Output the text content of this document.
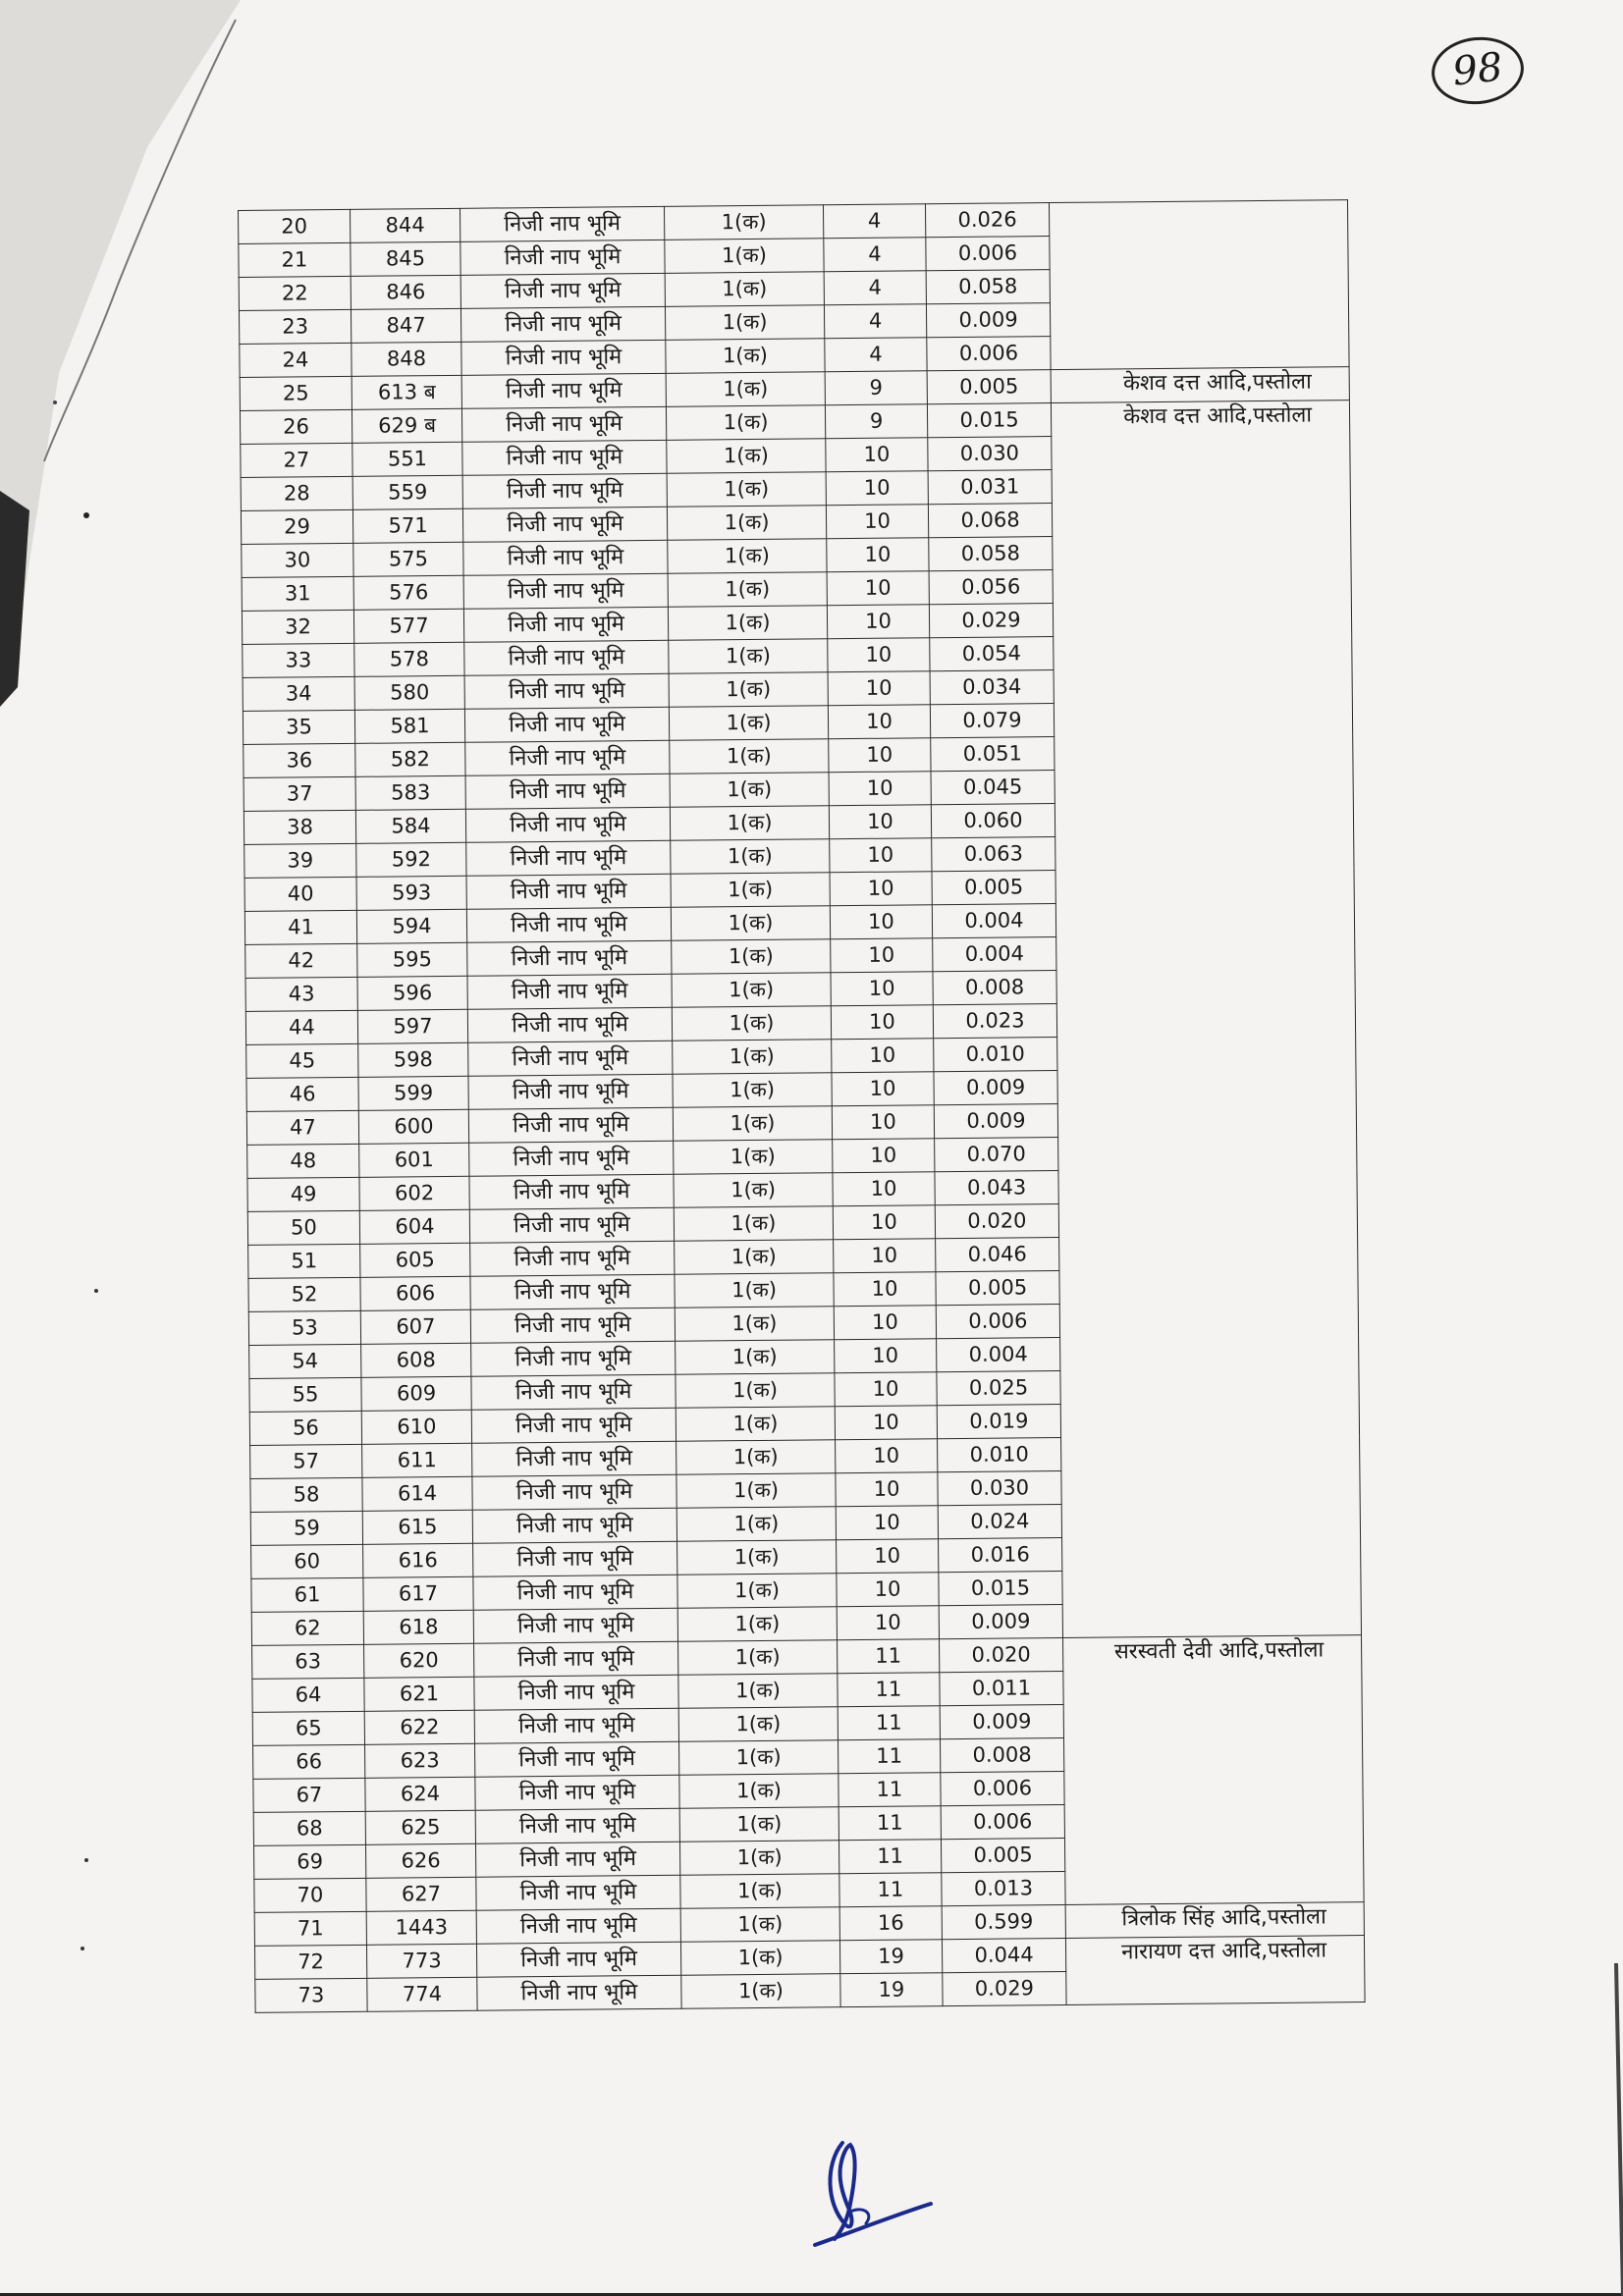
98
20	844	निजी नाप भूमि	1(क)	4	0.026	
21	845	निजी नाप भूमि	1(क)	4	0.006	
22	846	निजी नाप भूमि	1(क)	4	0.058	
23	847	निजी नाप भूमि	1(क)	4	0.009	
24	848	निजी नाप भूमि	1(क)	4	0.006	
25	613 ब	निजी नाप भूमि	1(क)	9	0.005	केशव दत्त आदि,पस्तोला
26	629 ब	निजी नाप भूमि	1(क)	9	0.015	केशव दत्त आदि,पस्तोला
27	551	निजी नाप भूमि	1(क)	10	0.030	
28	559	निजी नाप भूमि	1(क)	10	0.031	
29	571	निजी नाप भूमि	1(क)	10	0.068	
30	575	निजी नाप भूमि	1(क)	10	0.058	
31	576	निजी नाप भूमि	1(क)	10	0.056	
32	577	निजी नाप भूमि	1(क)	10	0.029	
33	578	निजी नाप भूमि	1(क)	10	0.054	
34	580	निजी नाप भूमि	1(क)	10	0.034	
35	581	निजी नाप भूमि	1(क)	10	0.079	
36	582	निजी नाप भूमि	1(क)	10	0.051	
37	583	निजी नाप भूमि	1(क)	10	0.045	
38	584	निजी नाप भूमि	1(क)	10	0.060	
39	592	निजी नाप भूमि	1(क)	10	0.063	
40	593	निजी नाप भूमि	1(क)	10	0.005	
41	594	निजी नाप भूमि	1(क)	10	0.004	
42	595	निजी नाप भूमि	1(क)	10	0.004	
43	596	निजी नाप भूमि	1(क)	10	0.008	
44	597	निजी नाप भूमि	1(क)	10	0.023	
45	598	निजी नाप भूमि	1(क)	10	0.010	
46	599	निजी नाप भूमि	1(क)	10	0.009	
47	600	निजी नाप भूमि	1(क)	10	0.009	
48	601	निजी नाप भूमि	1(क)	10	0.070	
49	602	निजी नाप भूमि	1(क)	10	0.043	
50	604	निजी नाप भूमि	1(क)	10	0.020	
51	605	निजी नाप भूमि	1(क)	10	0.046	
52	606	निजी नाप भूमि	1(क)	10	0.005	
53	607	निजी नाप भूमि	1(क)	10	0.006	
54	608	निजी नाप भूमि	1(क)	10	0.004	
55	609	निजी नाप भूमि	1(क)	10	0.025	
56	610	निजी नाप भूमि	1(क)	10	0.019	
57	611	निजी नाप भूमि	1(क)	10	0.010	
58	614	निजी नाप भूमि	1(क)	10	0.030	
59	615	निजी नाप भूमि	1(क)	10	0.024	
60	616	निजी नाप भूमि	1(क)	10	0.016	
61	617	निजी नाप भूमि	1(क)	10	0.015	
62	618	निजी नाप भूमि	1(क)	10	0.009	
63	620	निजी नाप भूमि	1(क)	11	0.020	सरस्वती देवी आदि,पस्तोला
64	621	निजी नाप भूमि	1(क)	11	0.011	
65	622	निजी नाप भूमि	1(क)	11	0.009	
66	623	निजी नाप भूमि	1(क)	11	0.008	
67	624	निजी नाप भूमि	1(क)	11	0.006	
68	625	निजी नाप भूमि	1(क)	11	0.006	
69	626	निजी नाप भूमि	1(क)	11	0.005	
70	627	निजी नाप भूमि	1(क)	11	0.013	
71	1443	निजी नाप भूमि	1(क)	16	0.599	त्रिलोक सिंह आदि,पस्तोला
72	773	निजी नाप भूमि	1(क)	19	0.044	नारायण दत्त आदि,पस्तोला
73	774	निजी नाप भूमि	1(क)	19	0.029	
